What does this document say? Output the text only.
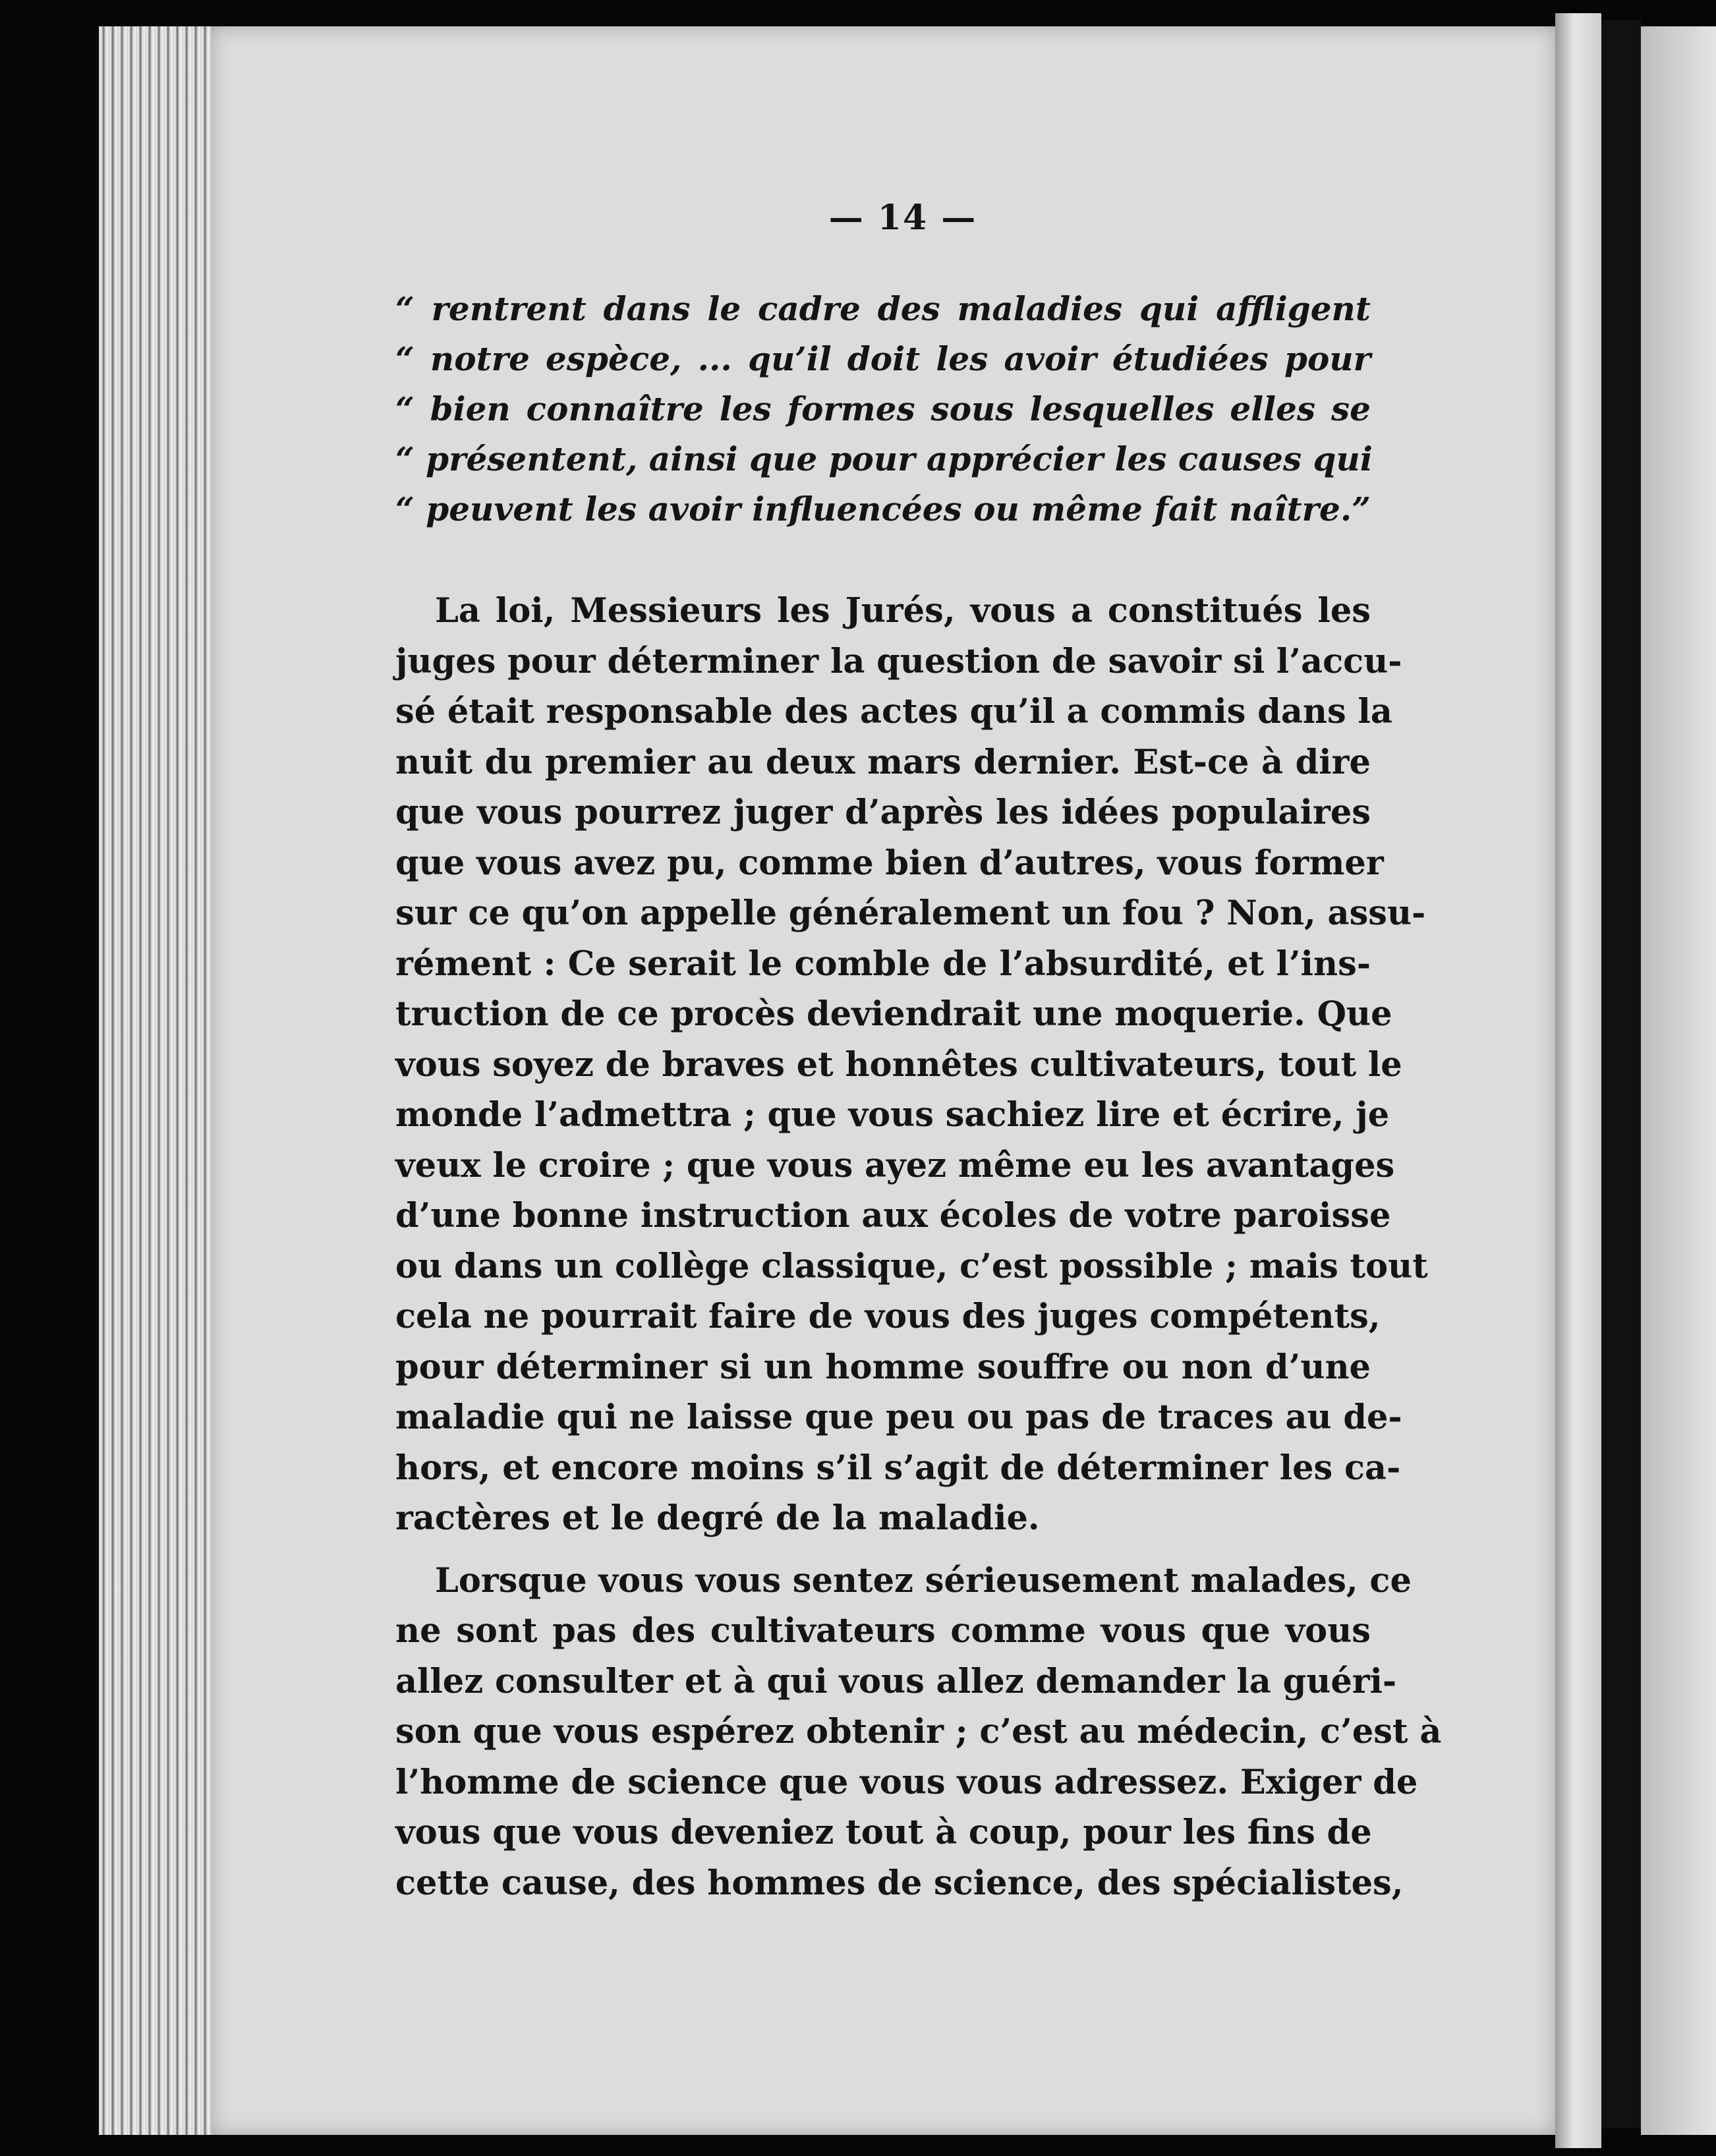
— 14 —

“ rentrent dans le cadre des maladies qui affligent

“ notre espèce, ... qu’il doit les avoir étudiées pour

“ bien connaître les formes sous lesquelles elles se

“ présentent, ainsi que pour apprécier les causes qui

“ peuvent les avoir influencées ou même fait naître.”

La loi, Messieurs les Jurés, vous a constitués les

juges pour déterminer la question de savoir si l’accu-

sé était responsable des actes qu’il a commis dans la

nuit du premier au deux mars dernier. Est-ce à dire

que vous pourrez juger d’après les idées populaires

que vous avez pu, comme bien d’autres, vous former

sur ce qu’on appelle généralement un fou ? Non, assu-

rément : Ce serait le comble de l’absurdité, et l’ins-

truction de ce procès deviendrait une moquerie. Que

vous soyez de braves et honnêtes cultivateurs, tout le

monde l’admettra ; que vous sachiez lire et écrire, je

veux le croire ; que vous ayez même eu les avantages

d’une bonne instruction aux écoles de votre paroisse

ou dans un collège classique, c’est possible ; mais tout

cela ne pourrait faire de vous des juges compétents,

pour déterminer si un homme souffre ou non d’une

maladie qui ne laisse que peu ou pas de traces au de-

hors, et encore moins s’il s’agit de déterminer les ca-

ractères et le degré de la maladie.

Lorsque vous vous sentez sérieusement malades, ce

ne sont pas des cultivateurs comme vous que vous

allez consulter et à qui vous allez demander la guéri-

son que vous espérez obtenir ; c’est au médecin, c’est à

l’homme de science que vous vous adressez. Exiger de

vous que vous deveniez tout à coup, pour les fins de

cette cause, des hommes de science, des spécialistes,
